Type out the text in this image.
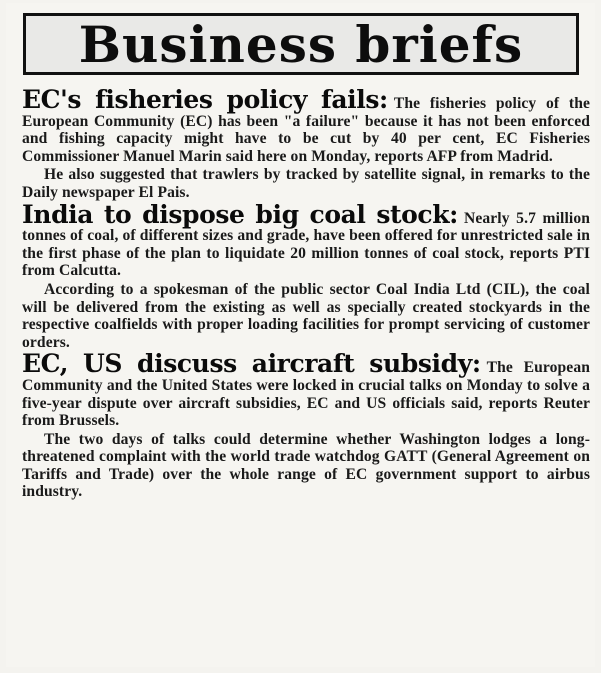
Business briefs

EC's fisheries policy fails: The fisheries policy of the European Community (EC) has been "a failure" because it has not been enforced and fishing capacity might have to be cut by 40 per cent, EC Fisheries Commissioner Manuel Marin said here on Monday, reports AFP from Madrid.

He also suggested that trawlers by tracked by satellite signal, in remarks to the Daily newspaper El Pais.

India to dispose big coal stock: Nearly 5.7 million tonnes of coal, of different sizes and grade, have been offered for unrestricted sale in the first phase of the plan to liquidate 20 million tonnes of coal stock, reports PTI from Calcutta.

According to a spokesman of the public sector Coal India Ltd (CIL), the coal will be delivered from the existing as well as specially created stockyards in the respective coalfields with proper loading facilities for prompt servicing of customer orders.

EC, US discuss aircraft subsidy: The European Community and the United States were locked in crucial talks on Monday to solve a five-year dispute over aircraft subsidies, EC and US officials said, reports Reuter from Brussels.

The two days of talks could determine whether Washington lodges a long-threatened complaint with the world trade watchdog GATT (General Agreement on Tariffs and Trade) over the whole range of EC government support to airbus industry.
